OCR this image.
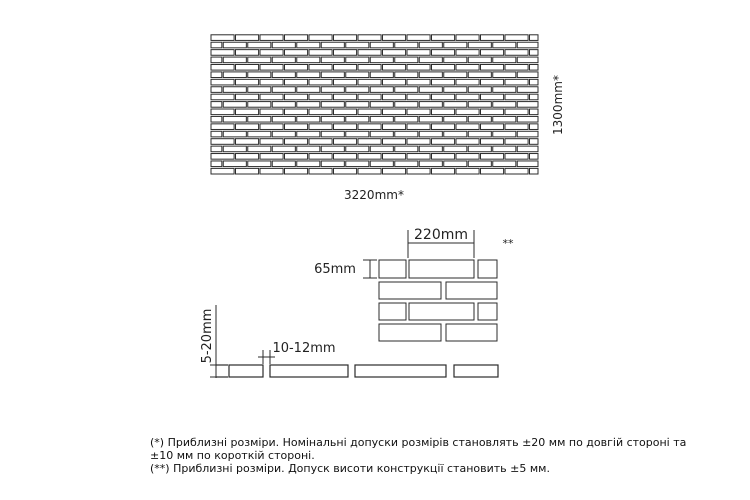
1300mm*
3220mm*
220mm
**
65mm
5-20mm	10-12mm
(*) Приблизні розміри. Номінальні допуски розмірів становлять ±20 мм по довгій стороні та ±10 мм по короткій стороні.
(**) Приблизні розміри. Допуск висоти конструкції становить ±5 мм.
